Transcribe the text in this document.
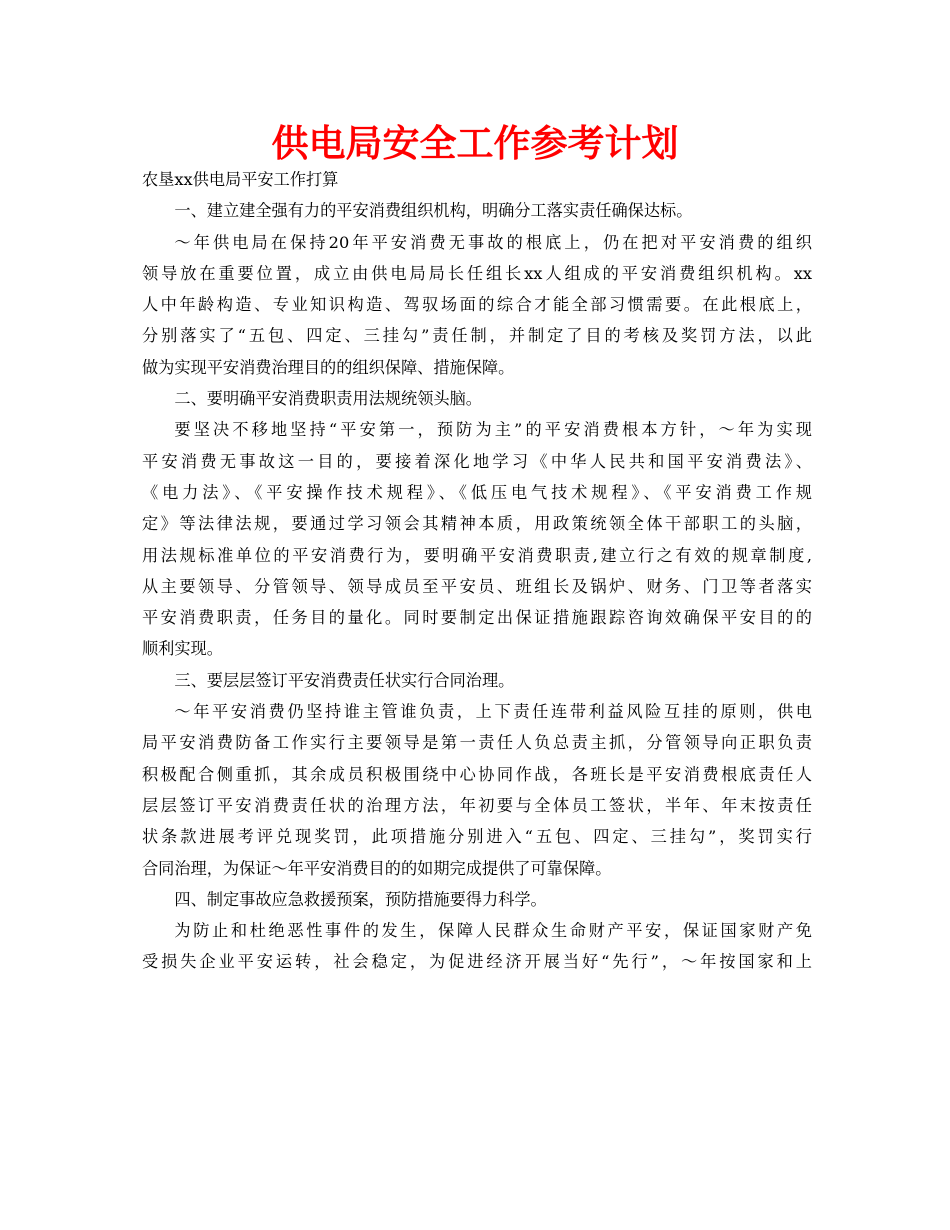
供电局安全工作参考计划
农垦xx供电局平安工作打算
一、建立建全强有力的平安消费组织机构，明确分工落实责任确保达标。
～年供电局在保持20年平安消费无事故的根底上，仍在把对平安消费的组织
领导放在重要位置，成立由供电局局长任组长xx人组成的平安消费组织机构。xx
人中年龄构造、专业知识构造、驾驭场面的综合才能全部习惯需要。在此根底上，
分别落实了“五包、四定、三挂勾”责任制，并制定了目的考核及奖罚方法，以此
做为实现平安消费治理目的的组织保障、措施保障。
二、要明确平安消费职责用法规统领头脑。
要坚决不移地坚持“平安第一，预防为主”的平安消费根本方针，～年为实现
平安消费无事故这一目的，要接着深化地学习《中华人民共和国平安消费法》、
《电力法》、《平安操作技术规程》、《低压电气技术规程》、《平安消费工作规
定》等法律法规，要通过学习领会其精神本质，用政策统领全体干部职工的头脑，
用法规标准单位的平安消费行为，要明确平安消费职责,建立行之有效的规章制度,
从主要领导、分管领导、领导成员至平安员、班组长及锅炉、财务、门卫等者落实
平安消费职责，任务目的量化。同时要制定出保证措施跟踪咨询效确保平安目的的
顺利实现。
三、要层层签订平安消费责任状实行合同治理。
～年平安消费仍坚持谁主管谁负责，上下责任连带利益风险互挂的原则，供电
局平安消费防备工作实行主要领导是第一责任人负总责主抓，分管领导向正职负责
积极配合侧重抓，其余成员积极围绕中心协同作战，各班长是平安消费根底责任人
层层签订平安消费责任状的治理方法，年初要与全体员工签状，半年、年末按责任
状条款进展考评兑现奖罚，此项措施分别进入“五包、四定、三挂勾”，奖罚实行
合同治理，为保证～年平安消费目的的如期完成提供了可靠保障。
四、制定事故应急救援预案，预防措施要得力科学。
为防止和杜绝恶性事件的发生，保障人民群众生命财产平安，保证国家财产免
受损失企业平安运转，社会稳定，为促进经济开展当好“先行”，～年按国家和上
